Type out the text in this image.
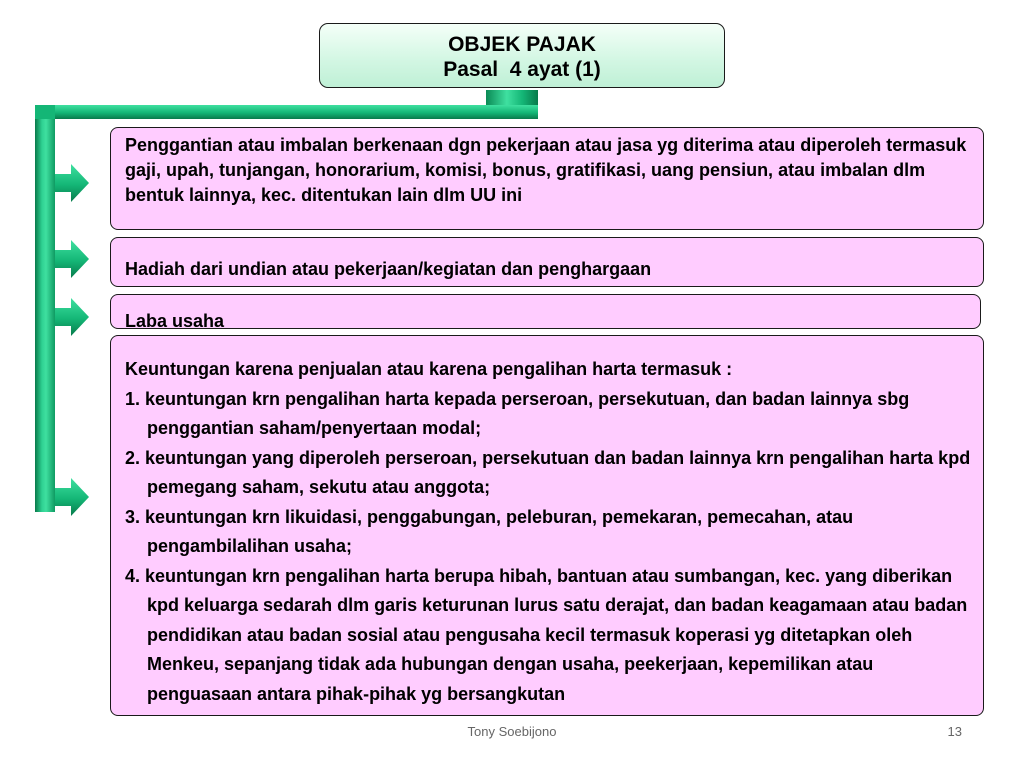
OBJEK PAJAK
Pasal  4 ayat (1)
Penggantian atau imbalan berkenaan dgn pekerjaan atau jasa yg diterima atau diperoleh termasuk gaji, upah, tunjangan, honorarium, komisi, bonus, gratifikasi, uang pensiun, atau imbalan dlm bentuk lainnya, kec. ditentukan lain dlm UU ini
Hadiah dari undian atau pekerjaan/kegiatan dan penghargaan
Laba usaha
Keuntungan karena penjualan atau karena pengalihan harta termasuk :
1. keuntungan krn pengalihan harta kepada perseroan, persekutuan, dan badan lainnya sbg penggantian saham/penyertaan modal;
2. keuntungan yang diperoleh perseroan, persekutuan dan badan lainnya krn pengalihan harta kpd pemegang saham, sekutu atau anggota;
3. keuntungan krn likuidasi, penggabungan, peleburan, pemekaran, pemecahan, atau pengambilalihan usaha;
4. keuntungan krn pengalihan harta berupa hibah, bantuan atau sumbangan, kec. yang diberikan kpd keluarga sedarah dlm garis keturunan lurus satu derajat, dan badan keagamaan atau badan pendidikan atau badan sosial atau pengusaha kecil termasuk koperasi yg ditetapkan oleh Menkeu, sepanjang tidak ada hubungan dengan usaha, peekerjaan, kepemilikan atau penguasaan antara pihak-pihak yg bersangkutan
Tony Soebijono	13
